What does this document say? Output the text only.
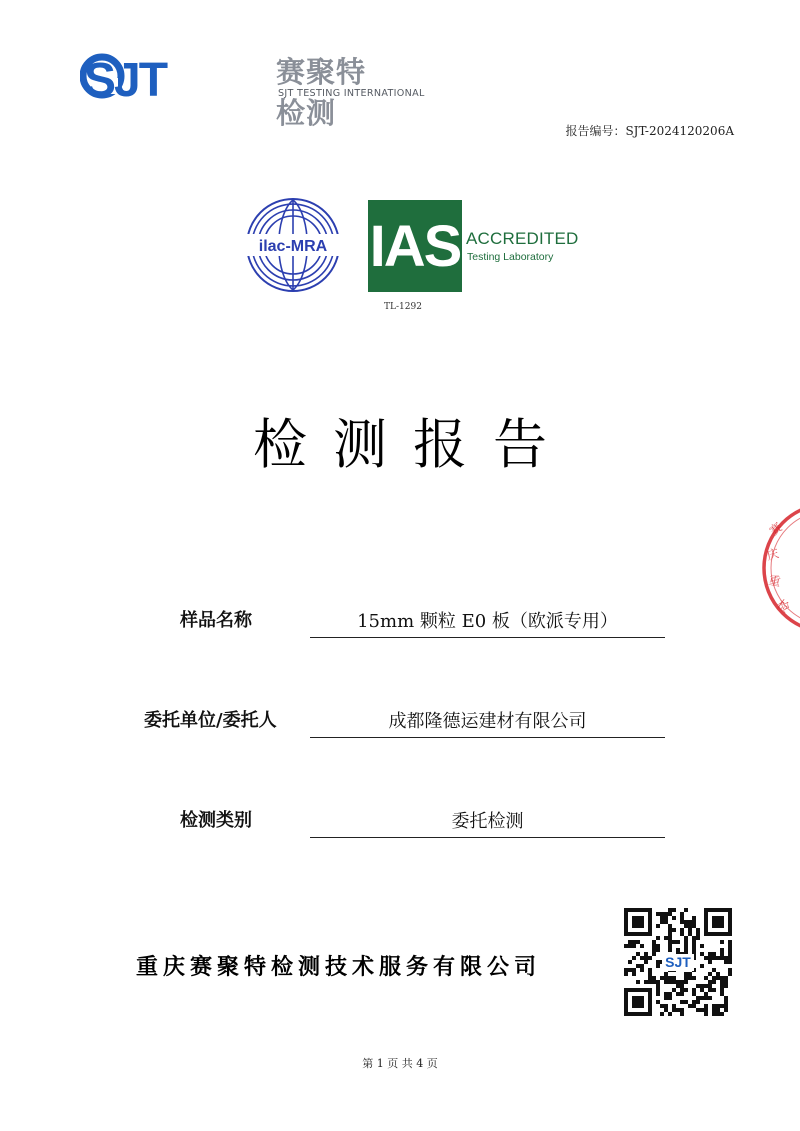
SJT	赛聚特检测
SJT TESTING INTERNATIONAL
报告编号：SJT-2024120206A
ilac-MRA IAS ACCREDITED
Testing Laboratory
TL-1292
检测报告
样品名称	15mm 颗粒 E0 板（欧派专用）
委托单位/委托人	成都隆德运建材有限公司
检测类别	委托检测
重庆赛聚特检测技术服务有限公司	SJT
第 1 页 共 4 页
赛
庆
重
检
